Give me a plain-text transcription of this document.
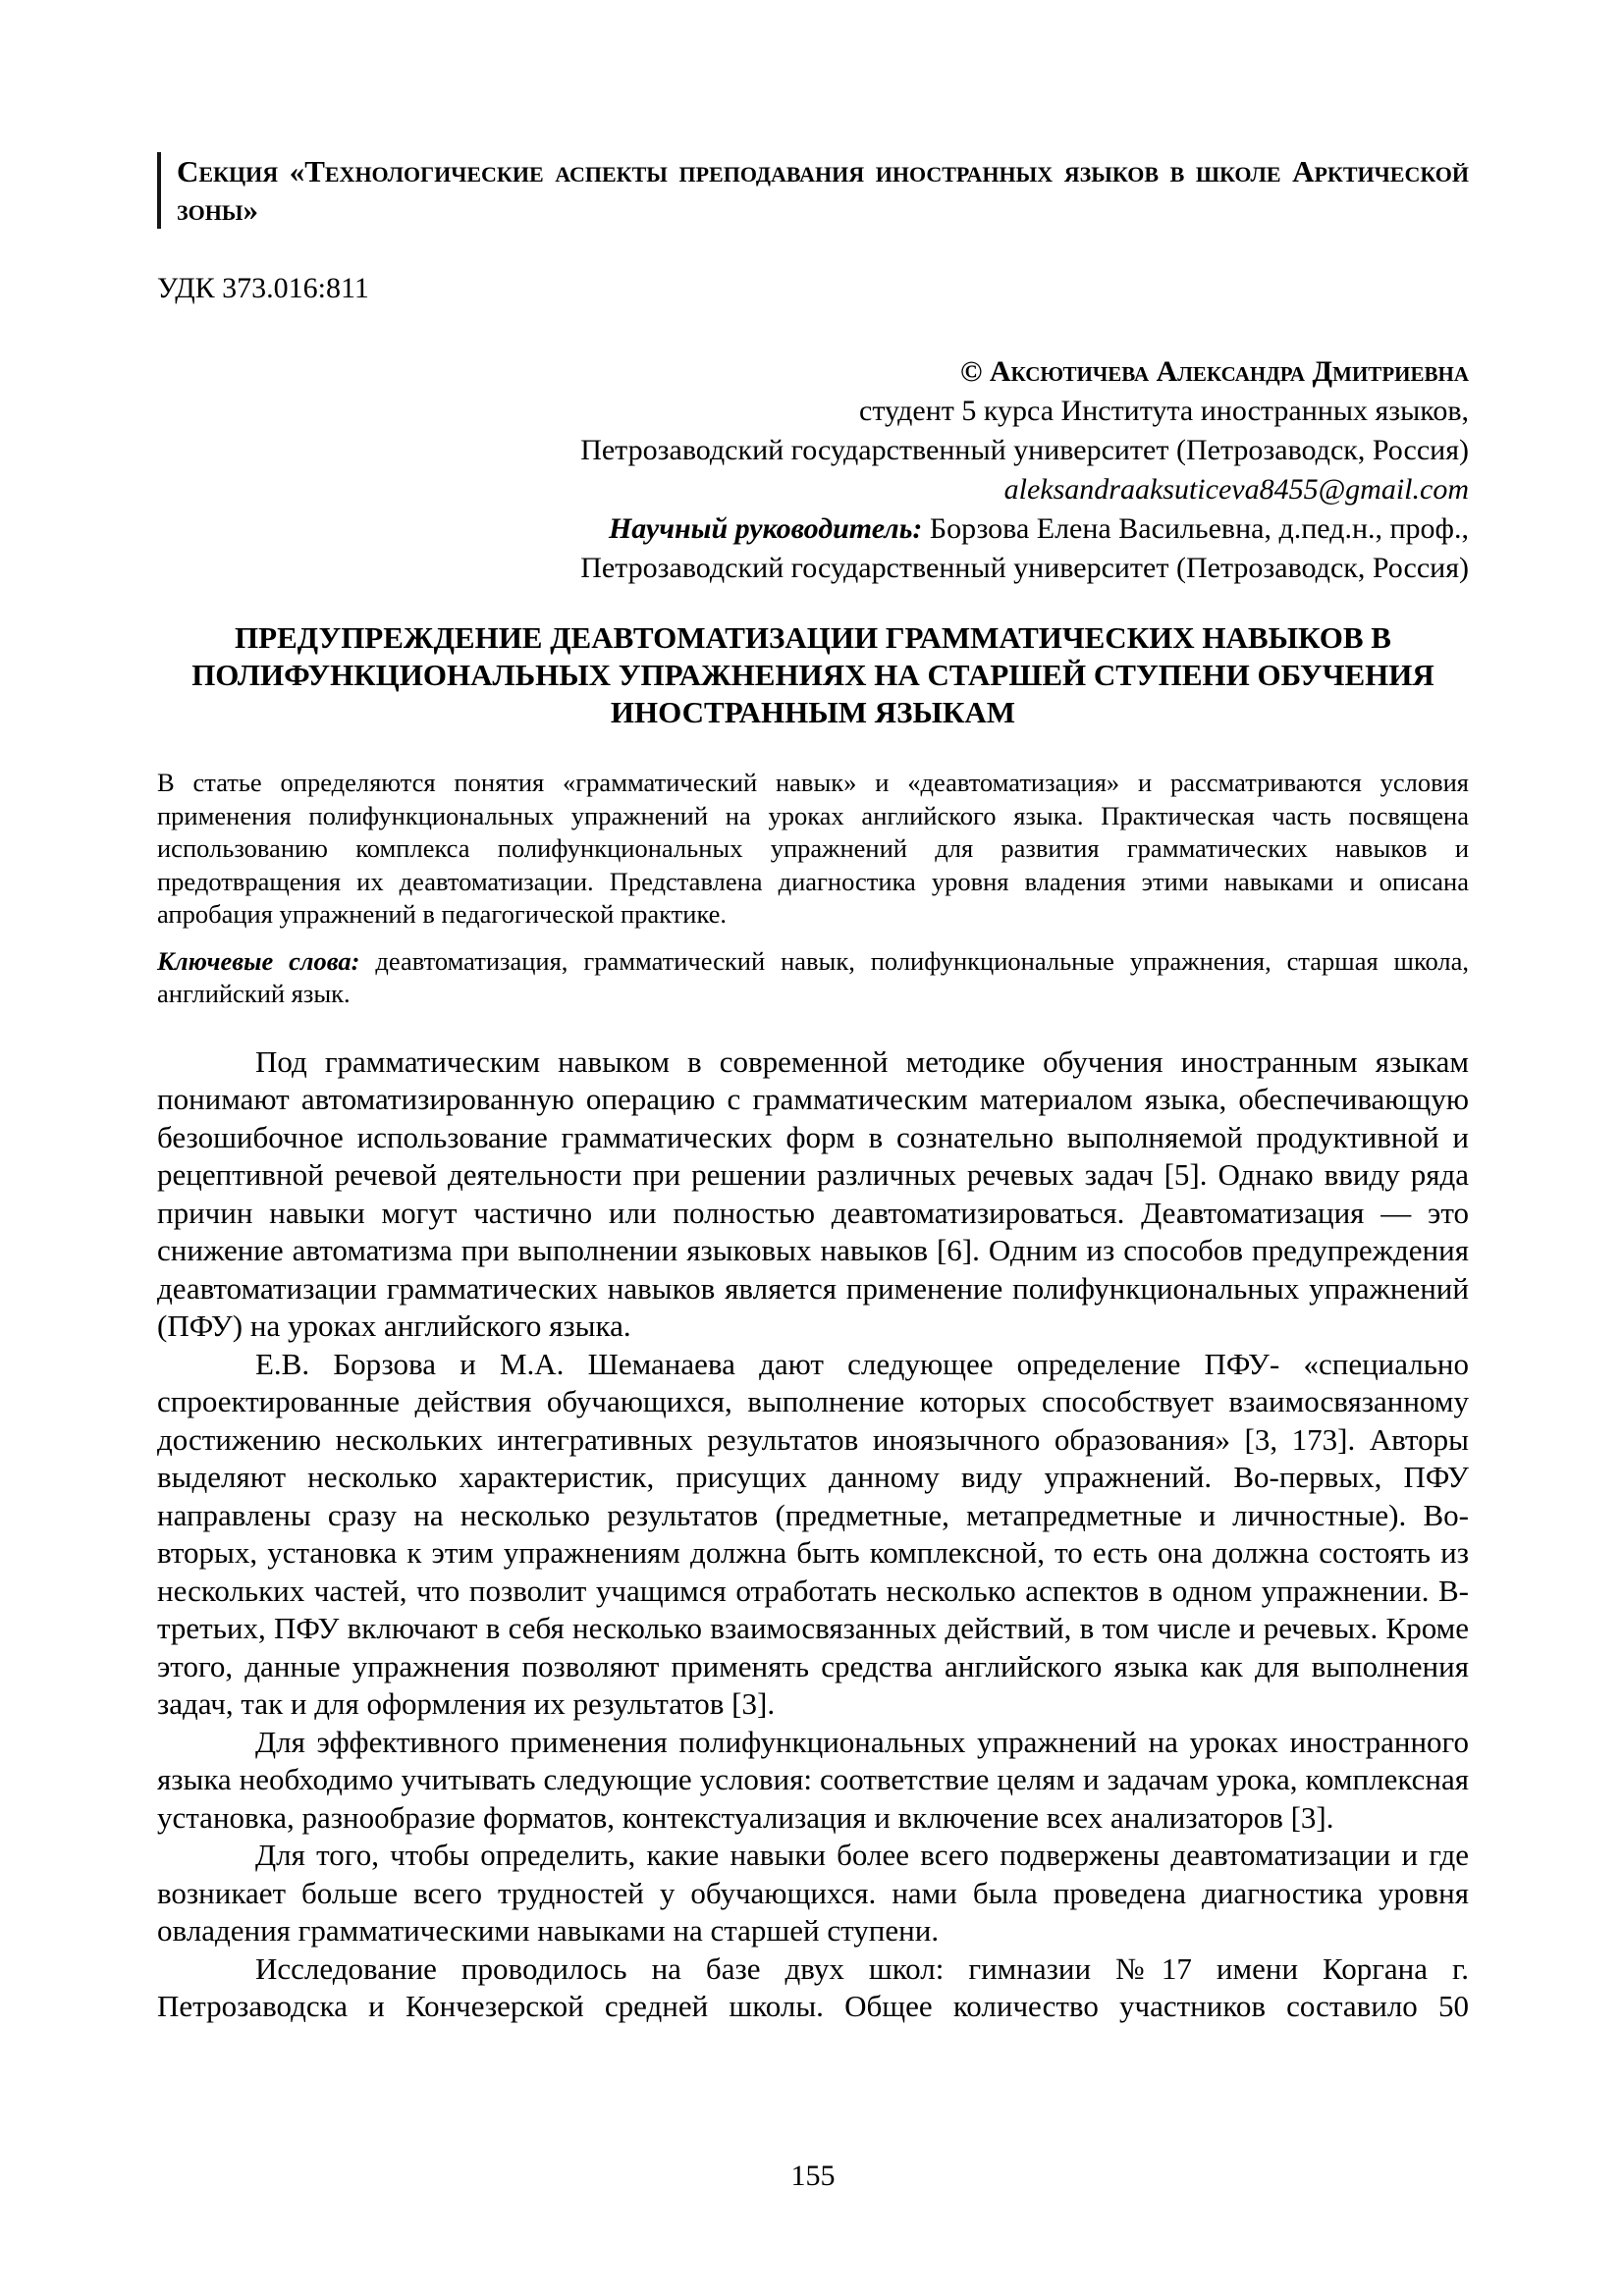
Секция «Технологические аспекты преподавания иностранных языков в школе Арктической зоны»
УДК 373.016:811
© Аксютичева Александра Дмитриевна
студент 5 курса Института иностранных языков,
Петрозаводский государственный университет (Петрозаводск, Россия)
aleksandraaksuticeva8455@gmail.com
Научный руководитель: Борзова Елена Васильевна, д.пед.н., проф.,
Петрозаводский государственный университет (Петрозаводск, Россия)
ПРЕДУПРЕЖДЕНИЕ ДЕАВТОМАТИЗАЦИИ ГРАММАТИЧЕСКИХ НАВЫКОВ В ПОЛИФУНКЦИОНАЛЬНЫХ УПРАЖНЕНИЯХ НА СТАРШЕЙ СТУПЕНИ ОБУЧЕНИЯ ИНОСТРАННЫМ ЯЗЫКАМ

В статье определяются понятия «грамматический навык» и «деавтоматизация» и рассматриваются условия применения полифункциональных упражнений на уроках английского языка. Практическая часть посвящена использованию комплекса полифункциональных упражнений для развития грамматических навыков и предотвращения их деавтоматизации. Представлена диагностика уровня владения этими навыками и описана апробация упражнений в педагогической практике.

Ключевые слова: деавтоматизация, грамматический навык, полифункциональные упражнения, старшая школа, английский язык.

Под грамматическим навыком в современной методике обучения иностранным языкам понимают автоматизированную операцию с грамматическим материалом языка, обеспечивающую безошибочное использование грамматических форм в сознательно выполняемой продуктивной и рецептивной речевой деятельности при решении различных речевых задач [5]. Однако ввиду ряда причин навыки могут частично или полностью деавтоматизироваться. Деавтоматизация — это снижение автоматизма при выполнении языковых навыков [6]. Одним из способов предупреждения деавтоматизации грамматических навыков является применение полифункциональных упражнений (ПФУ) на уроках английского языка.

Е.В. Борзова и М.А. Шеманаева дают следующее определение ПФУ- «специально спроектированные действия обучающихся, выполнение которых способствует взаимосвязанному достижению нескольких интегративных результатов иноязычного образования» [3, 173]. Авторы выделяют несколько характеристик, присущих данному виду упражнений. Во-первых, ПФУ направлены сразу на несколько результатов (предметные, метапредметные и личностные). Во-вторых, установка к этим упражнениям должна быть комплексной, то есть она должна состоять из нескольких частей, что позволит учащимся отработать несколько аспектов в одном упражнении. В-третьих, ПФУ включают в себя несколько взаимосвязанных действий, в том числе и речевых. Кроме этого, данные упражнения позволяют применять средства английского языка как для выполнения задач, так и для оформления их результатов [3].

Для эффективного применения полифункциональных упражнений на уроках иностранного языка необходимо учитывать следующие условия: соответствие целям и задачам урока, комплексная установка, разнообразие форматов, контекстуализация и включение всех анализаторов [3].

Для того, чтобы определить, какие навыки более всего подвержены деавтоматизации и где возникает больше всего трудностей у обучающихся. нами была проведена диагностика уровня овладения грамматическими навыками на старшей ступени.

Исследование проводилось на базе двух школ: гимназии №17 имени Коргана г. Петрозаводска и Кончезерской средней школы. Общее количество участников составило 50

155
